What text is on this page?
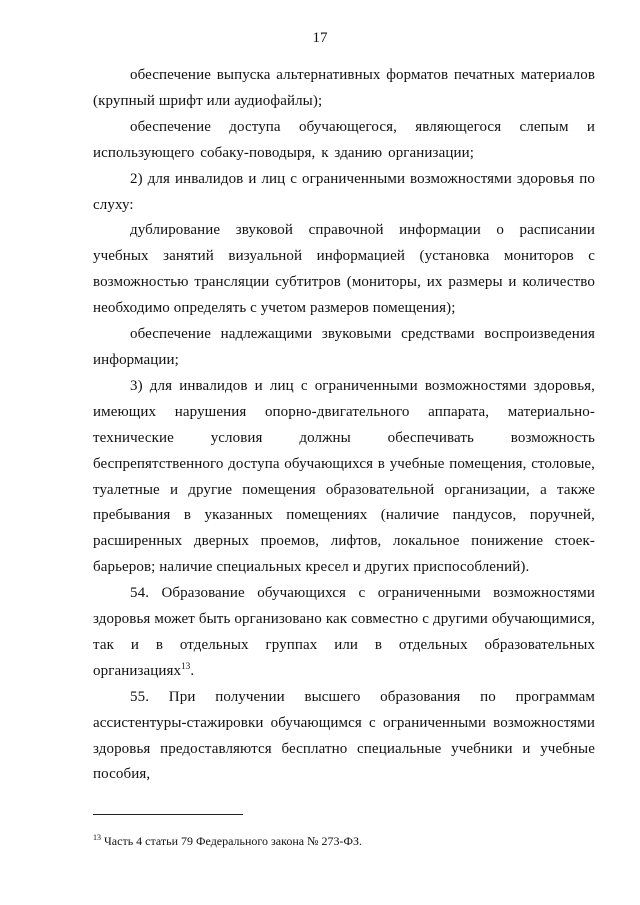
17

обеспечение выпуска альтернативных форматов печатных материалов (крупный шрифт или аудиофайлы);

обеспечение доступа обучающегося, являющегося слепым и использующего собаку-поводыря, к зданию организации;

2) для инвалидов и лиц с ограниченными возможностями здоровья по слуху:

дублирование звуковой справочной информации о расписании учебных занятий визуальной информацией (установка мониторов с возможностью трансляции субтитров (мониторы, их размеры и количество необходимо определять с учетом размеров помещения);

обеспечение надлежащими звуковыми средствами воспроизведения информации;

3) для инвалидов и лиц с ограниченными возможностями здоровья, имеющих нарушения опорно-двигательного аппарата, материально-технические условия должны обеспечивать возможность беспрепятственного доступа обучающихся в учебные помещения, столовые, туалетные и другие помещения образовательной организации, а также пребывания в указанных помещениях (наличие пандусов, поручней, расширенных дверных проемов, лифтов, локальное понижение стоек-барьеров; наличие специальных кресел и других приспособлений).

54. Образование обучающихся с ограниченными возможностями здоровья может быть организовано как совместно с другими обучающимися, так и в отдельных группах или в отдельных образовательных организациях$^{13}$.

55. При получении высшего образования по программам ассистентуры-стажировки обучающимся с ограниченными возможностями здоровья предоставляются бесплатно специальные учебники и учебные пособия,

$^{13}$ Часть 4 статьи 79 Федерального закона № 273-ФЗ.
